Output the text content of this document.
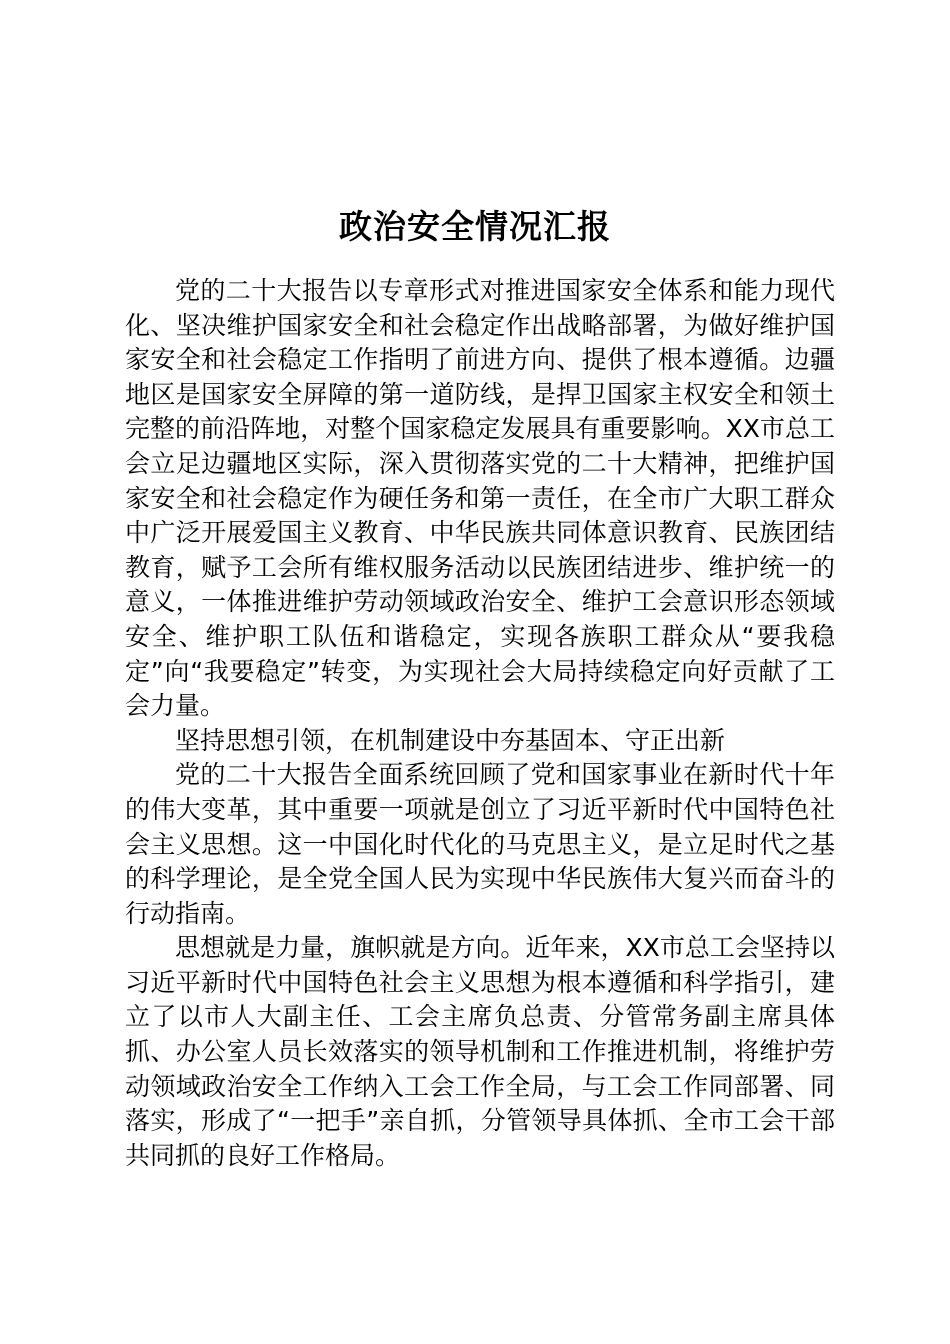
政治安全情况汇报

党的二十大报告以专章形式对推进国家安全体系和能力现代化、坚决维护国家安全和社会稳定作出战略部署，为做好维护国家安全和社会稳定工作指明了前进方向、提供了根本遵循。边疆地区是国家安全屏障的第一道防线，是捍卫国家主权安全和领土完整的前沿阵地，对整个国家稳定发展具有重要影响。XX市总工会立足边疆地区实际，深入贯彻落实党的二十大精神，把维护国家安全和社会稳定作为硬任务和第一责任，在全市广大职工群众中广泛开展爱国主义教育、中华民族共同体意识教育、民族团结教育，赋予工会所有维权服务活动以民族团结进步、维护统一的意义，一体推进维护劳动领域政治安全、维护工会意识形态领域安全、维护职工队伍和谐稳定，实现各族职工群众从“要我稳定”向“我要稳定”转变，为实现社会大局持续稳定向好贡献了工会力量。

坚持思想引领，在机制建设中夯基固本、守正出新

党的二十大报告全面系统回顾了党和国家事业在新时代十年的伟大变革，其中重要一项就是创立了习近平新时代中国特色社会主义思想。这一中国化时代化的马克思主义，是立足时代之基的科学理论，是全党全国人民为实现中华民族伟大复兴而奋斗的行动指南。

思想就是力量，旗帜就是方向。近年来，XX市总工会坚持以习近平新时代中国特色社会主义思想为根本遵循和科学指引，建立了以市人大副主任、工会主席负总责、分管常务副主席具体抓、办公室人员长效落实的领导机制和工作推进机制，将维护劳动领域政治安全工作纳入工会工作全局，与工会工作同部署、同落实，形成了“一把手”亲自抓，分管领导具体抓、全市工会干部共同抓的良好工作格局。
